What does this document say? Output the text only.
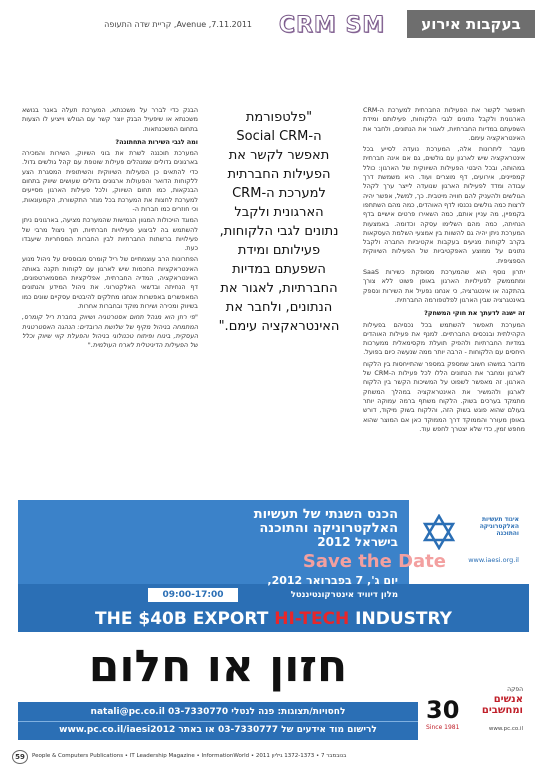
Avenue ,7.11.2011, קריית שדה התעופה CRM SM	בעקבות אירוע

תאפשר לקשר את הפעילות החברתית למערכת ה-CRM הארגונית ולקבל נתונים לגבי הלקוחות, פעילותם ומידת השפעתם במדיות החברתיות, לאגור את הנתונים, ולחבר את האינטראקציה עימם.

מעבר ליתרונות אלה, המערכת נועדה לסייע בכל אינטראקציה שיש לארגון עם גולשים, גם אם אינה חברתית במהותה, ובכל היבטי הפעילות השיווקית של הארגון: כולל קמפיינים, אירועים, דף מוצרים ועוד. היא משמשת דרך עבודה ומדד לפעילות הארגון שנועדה לייצר ערך לקהל הגולשים ולהעניק להם חוויה מיטבית. כך, למשל, אפשר יהיה לרצות כמה גולשים נכנסו לדף האוהדים, כמה מהם השתתפו בקמפיין, מה עניין אותם, כמה השאירו פרטים אישיים בדף הנחיתה, כמה מהם השלימו עסקה וכדומה. באמצעות המערכת ניתן יהיה גם להשוות בין אמצעי השלמת העסקאות בקרב לקוחות מגיעים בעקבות אקטיביות החברה ולקבל נתונים על ממוצע האפקטיביות של הפעילות השיווקית הספציפית.

יתרון נוסף הוא שהמערכת מסופקת כשירות SaaS ומתממשק לפעילויות הארגון באופן פשוט ללא צורך בהתקנה או אינטגרציה, כי אנחנו נפעיל את השירות ונספק באינטגרציה שבין הארגון לפלטפורמה החברתית.

זה ישנה לדעתך את חוקי המשחק?

המערכת תאפשר להשתמש בכל נכסיהם בפעילות הקהילתית ובנכסים החברתיים. למנף את פעילות האוהדים במדיות החברתיות ולהפיק תועלת מקסימאלית ממערכות היחסים עם הלקוחות - הרבה יותר ממה שנעשה כיום בפועל.

מדובר במשהו חשוב שמספק במספר שהתייחסות בין הלקוח לארגון ומחבר את הנתונים הללו לכל פעילות ה-CRM של הארגון. זה מאפשר לשפוט על המשיכות הקשר בין הלקוח לארגון ולהמשיר את האינטראקציה במהלך המשחק מתמקד בערכים בשוק. הלקוח משתף ברמה עמוקה יותר בעולם שהוא פוגש בשוק הזה, והלקוח בשוק מיקוד, דורש באופן מעורר והממוקד דרך הממוקד כאן אם המוצר שהוא מחפש זמין, כדי שלא יצטרך לחפש עוד.

"פלטפורמת
ה-Social CRM
תאפשר לקשר את
הפעילות החברתית
למערכת ה-CRM
הארגונית ולקבל
נתונים לגבי הלקוחות,
פעילותם ומידת
השפעתם במדיות
החברתיות, לאגור את
הנתונים, ולחבר את
האינטראקציה עימם."

הבנק כדי לברר על משכנתא, המערכת תעלה באנר בנושא משכנתא או שיפעיל הבנק יוצר קשר עם הגולש וייציע לו הצעות בתחום המשכנתאות.

ומה לגבי השירות התחתונה?

המערכת תוכננה לשרת את בוני השיווק, השירות והמכירה בארגונים גדולים שמנהלים פעילות שוטפת עם קהל גולשים גדול. כדי להתאים כן הפעילות השיווקית והשיתופית המסגרת הצע ללקוחות הדואר והפעולות ארגונים גדולים שעושים שיווק בתחום הבנקאות, כמו תחום השיווק, ולכל פעילות הארגון מסייעים למערכת לחצות את המערכת בכל מגזר התקשורת, הקמעונאות, וכי חוזרים כמו חברות ה-

המוגד הויכולות המגוון הגמישות שהמערכת מציעה, בארגונים ניתן להשתמש בה לביצוע פעילויות חברתיות, תוך ניצול מרבי של פעילויות ברשתות החברתיות לבין החברות המסחריות שיעבדו כעת.

הפתרונות הרב עוצמתיים של ריל קומרס מבוססים על ניהול מנוע האינטראקציות החכמות שיש לארגון עם לקוחות תקנה באותה האינטראקציה, המדיה החברתית, אפליקציות המסמארטפונים, דף הנחיתה ובדשאי האלקטרוני. את ניהול המידע והנתונים המאפשרים באפשרות אנחנו מחלקים להיבטים עסקיים שונים כמו בשיווק ומכירה ושירות מוקד ובחברות אחרות.

"פי רוזן הוא מנהל תחום אסטרטגיה ושיווק בחברת ריל קומרס, המתמחה בניהול מקיף של שלושת הרובדים: הנהגה האסטרטגית העסקית, בינוח ופיתוח טכנולוגי בניהול והפעלת קווי שיווק וכלל של הפעילות הדיגיטלית לארח העולמית."

איגוד תעשיות האלקטרוניקה והתוכנה
www.iaesi.org.il
הכנס השנתי של תעשיות
האלקטרוניקה והתוכנה
בישראל 2012
Save the Date
יום ג', 7 בפברואר 2012,
09:00-17:00	מלון דיוויד אינטרקונטיננטל
THE $40B EXPORT HI-TECH INDUSTRY
חזון או חלום	הפקה
אנשים ומחשבים
30
Since 1981	www.pc.co.il
לחסויות/תצוגות: פנה לנטלי 03-7330770 natali@pc.co.il
לרישום מוד אידעים של 03-7330777 או באתר www.pc.co.il/iaesi2012
59	People & Computers Publications • IT Leadership Magazine • InformationWorld • 2011 בנובמבר 7 • 1372-1373 גיליון
